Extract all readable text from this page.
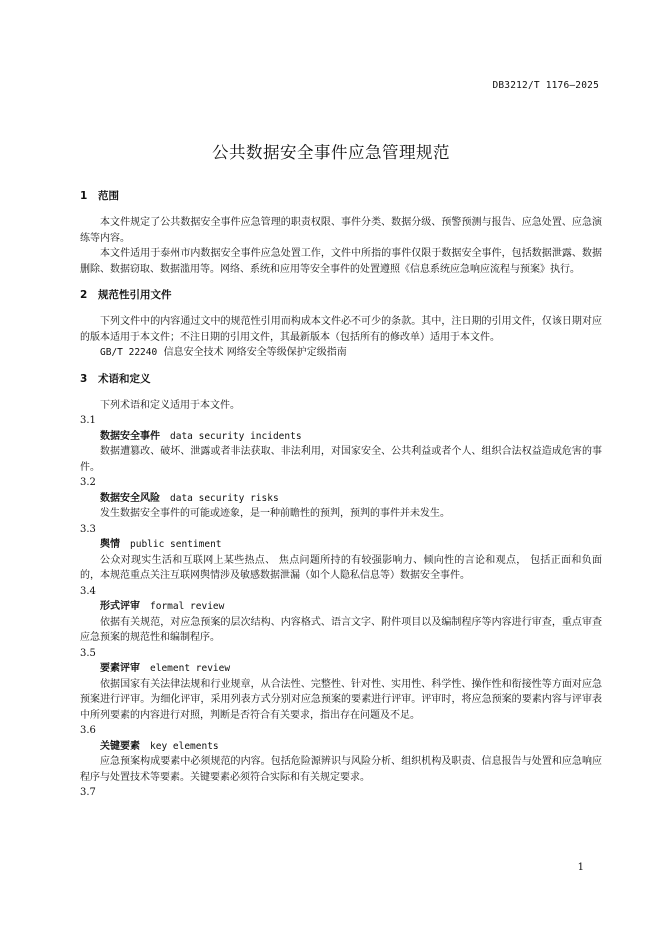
DB3212/T 1176—2025
公共数据安全事件应急管理规范

1 范围

本文件规定了公共数据安全事件应急管理的职责权限、事件分类、数据分级、预警预测与报告、应急处置、应急演练等内容。

本文件适用于泰州市内数据安全事件应急处置工作，文件中所指的事件仅限于数据安全事件，包括数据泄露、数据删除、数据窃取、数据滥用等。网络、系统和应用等安全事件的处置遵照《信息系统应急响应流程与预案》执行。

2 规范性引用文件

下列文件中的内容通过文中的规范性引用而构成本文件必不可少的条款。其中，注日期的引用文件，仅该日期对应的版本适用于本文件；不注日期的引用文件，其最新版本（包括所有的修改单）适用于本文件。

GB/T 22240 信息安全技术 网络安全等级保护定级指南

3 术语和定义

下列术语和定义适用于本文件。

3.1

数据安全事件 data security incidents

数据遭篡改、破坏、泄露或者非法获取、非法利用，对国家安全、公共利益或者个人、组织合法权益造成危害的事件。

3.2

数据安全风险 data security risks

发生数据安全事件的可能或迹象，是一种前瞻性的预判，预判的事件并未发生。

3.3

舆情 public sentiment

公众对现实生活和互联网上某些热点、 焦点问题所持的有较强影响力、倾向性的言论和观点， 包括正面和负面的，本规范重点关注互联网舆情涉及敏感数据泄漏（如个人隐私信息等）数据安全事件。

3.4

形式评审 formal review

依据有关规范，对应急预案的层次结构、内容格式、语言文字、附件项目以及编制程序等内容进行审查，重点审查应急预案的规范性和编制程序。

3.5

要素评审 element review

依据国家有关法律法规和行业规章，从合法性、完整性、针对性、实用性、科学性、操作性和衔接性等方面对应急预案进行评审。为细化评审，采用列表方式分别对应急预案的要素进行评审。评审时，将应急预案的要素内容与评审表中所列要素的内容进行对照，判断是否符合有关要求，指出存在问题及不足。

3.6

关键要素 key elements

应急预案构成要素中必须规范的内容。包括危险源辨识与风险分析、组织机构及职责、信息报告与处置和应急响应程序与处置技术等要素。关键要素必须符合实际和有关规定要求。

3.7

1
